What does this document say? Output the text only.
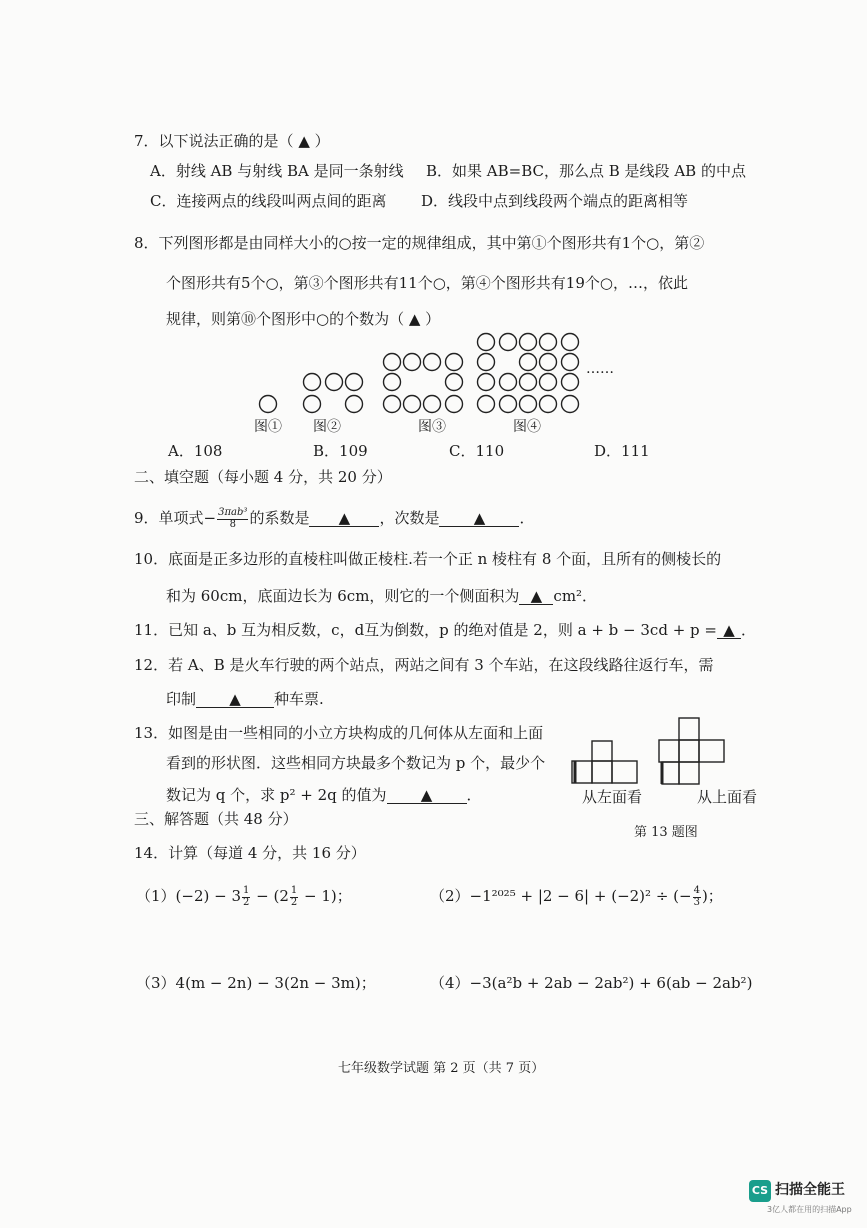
7．以下说法正确的是（ ▲ ）
A．射线 AB 与射线 BA 是同一条射线 B．如果 AB=BC，那么点 B 是线段 AB 的中点
C．连接两点的线段叫两点间的距离 D．线段中点到线段两个端点的距离相等
8．下列图形都是由同样大小的○按一定的规律组成，其中第①个图形共有1个○，第②
个图形共有5个○，第③个图形共有11个○，第④个图形共有19个○，…，依此
规律，则第⑩个图形中○的个数为（ ▲ ）
图① 图②	图③	图④
……
A．108	B．109	C．110	D．111
二、填空题（每小题 4 分，共 20 分）
9．单项式− $\frac{\text{3πab³}}{8}$ 的系数是 ▲ ，次数是 ▲ ．
10．底面是正多边形的直棱柱叫做正棱柱.若一个正 n 棱柱有 8 个面，且所有的侧棱长的
和为 60cm，底面边长为 6cm，则它的一个侧面积为 ▲ cm²．
11．已知 a、b 互为相反数，c，d互为倒数，p 的绝对值是 2，则 a + b − 3cd + p = ▲ ．
12．若 A、B 是火车行驶的两个站点，两站之间有 3 个车站，在这段线路往返行车，需
印制 ▲ 种车票.
13．如图是由一些相同的小立方块构成的几何体从左面和上面
看到的形状图．这些相同方块最多个数记为 p 个，最少个
数记为 q 个，求 p² + 2q 的值为 ▲ ．	从左面看	从上面看
第 13 题图
三、解答题（共 48 分）
14．计算（每道 4 分，共 16 分）
$(1)(-2) - 3 \frac{1}{2} - (2 \frac{1}{2} - 1)$；	（2）−1²⁰²⁵ + |2 − 6| + (−2)² ÷ (− $\frac{4}{3}$ )；
（3）4(m − 2n) − 3(2n − 3m)；	（4）−3(a²b + 2ab − 2ab²) + 6(ab − 2ab²)
七年级数学试题 第 2 页（共 7 页）
CS 扫描全能王
3亿人都在用的扫描App
